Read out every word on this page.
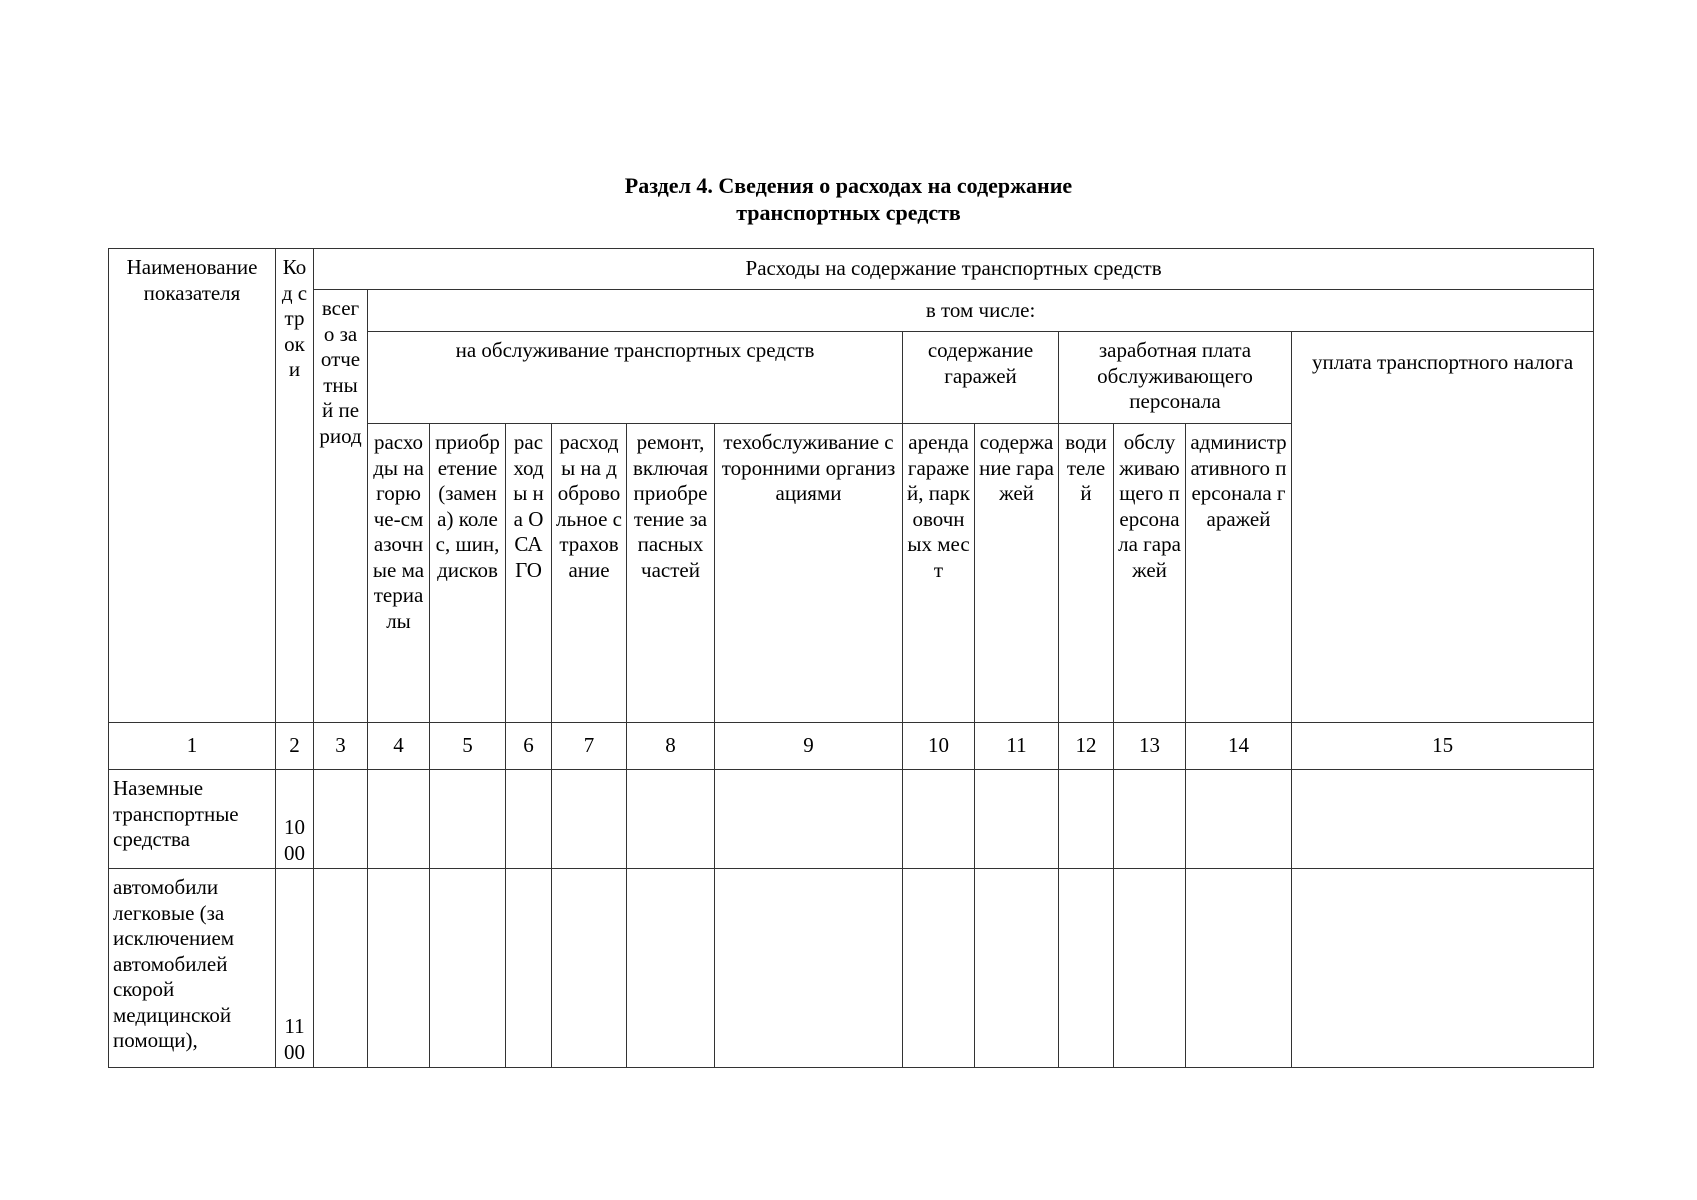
Раздел 4. Сведения о расходах на содержание
транспортных средств
Наименование показателя	Код строки	Расходы на содержание транспортных средств												
		всего за отчетный период	в том числе:											
			на обслуживание транспортных средств						содержание гаражей		заработная плата обслуживающего персонала			уплата транспортного налога
			расходы на горюче-смазочные материалы	приобретение (замена) колес, шин, дисков	расходы на ОСАГО	расходы на добровольное страхование	ремонт, включая приобретение запасных частей	техобслуживание сторонними организациями	аренда гаражей, парковочных мест	содержание гаражей	водителей	обслуживающего персонала гаражей	административного персонала гаражей	
1	2	3	4	5	6	7	8	9	10	11	12	13	14	15
Наземные транспортные средства	1000													
автомобили легковые (за исключением автомобилей скорой медицинской помощи),	1100													
